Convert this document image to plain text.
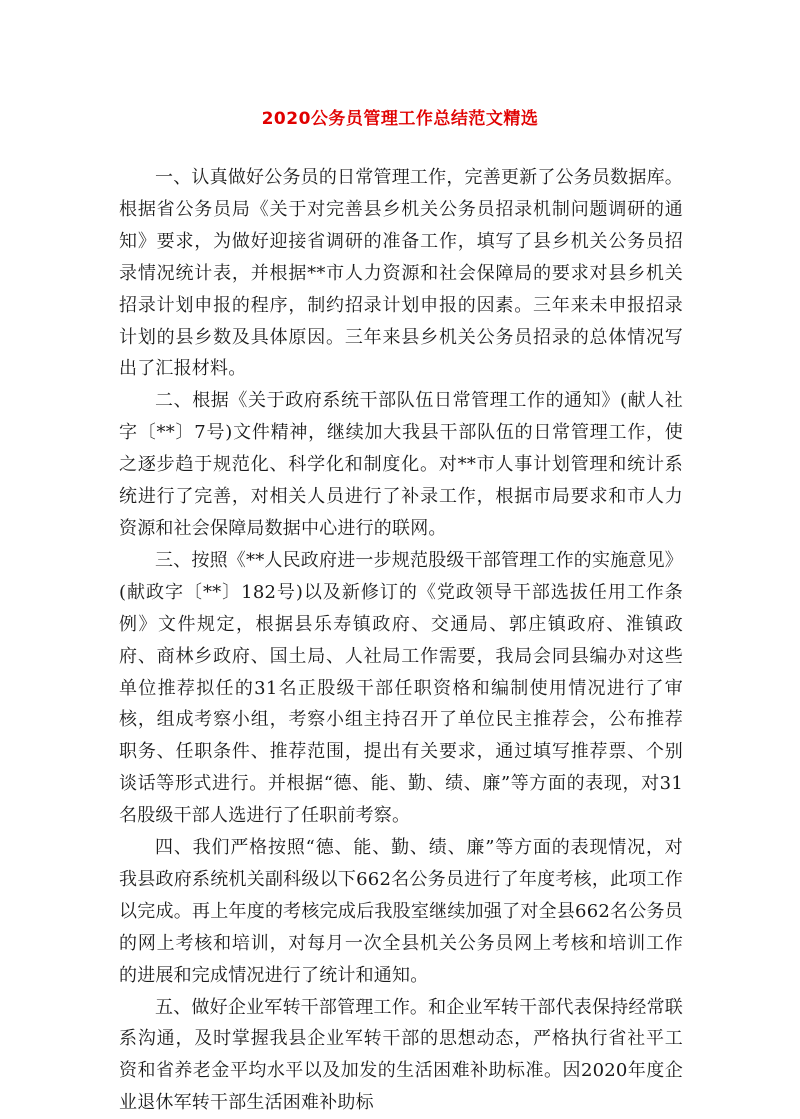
2020公务员管理工作总结范文精选

一、认真做好公务员的日常管理工作，完善更新了公务员数据库。根据省公务员局《关于对完善县乡机关公务员招录机制问题调研的通知》要求，为做好迎接省调研的准备工作，填写了县乡机关公务员招录情况统计表，并根据**市人力资源和社会保障局的要求对县乡机关招录计划申报的程序，制约招录计划申报的因素。三年来未申报招录计划的县乡数及具体原因。三年来县乡机关公务员招录的总体情况写出了汇报材料。

二、根据《关于政府系统干部队伍日常管理工作的通知》(献人社字〔**〕7号)文件精神，继续加大我县干部队伍的日常管理工作，使之逐步趋于规范化、科学化和制度化。对**市人事计划管理和统计系统进行了完善，对相关人员进行了补录工作，根据市局要求和市人力资源和社会保障局数据中心进行的联网。

三、按照《**人民政府进一步规范股级干部管理工作的实施意见》(献政字〔**〕182号)以及新修订的《党政领导干部选拔任用工作条例》文件规定，根据县乐寿镇政府、交通局、郭庄镇政府、淮镇政府、商林乡政府、国土局、人社局工作需要，我局会同县编办对这些单位推荐拟任的31名正股级干部任职资格和编制使用情况进行了审核，组成考察小组，考察小组主持召开了单位民主推荐会，公布推荐职务、任职条件、推荐范围，提出有关要求，通过填写推荐票、个别谈话等形式进行。并根据“德、能、勤、绩、廉”等方面的表现，对31名股级干部人选进行了任职前考察。

四、我们严格按照“德、能、勤、绩、廉”等方面的表现情况，对我县政府系统机关副科级以下662名公务员进行了年度考核，此项工作以完成。再上年度的考核完成后我股室继续加强了对全县662名公务员的网上考核和培训，对每月一次全县机关公务员网上考核和培训工作的进展和完成情况进行了统计和通知。

五、做好企业军转干部管理工作。和企业军转干部代表保持经常联系沟通，及时掌握我县企业军转干部的思想动态，严格执行省社平工资和省养老金平均水平以及加发的生活困难补助标准。因2020年度企业退休军转干部生活困难补助标
